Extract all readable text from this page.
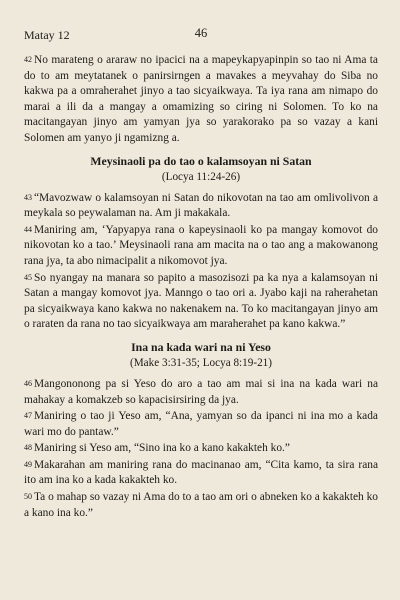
Matay 12	46

42 No marateng o araraw no ipacici na a mapeykapyapinpin so tao ni Ama ta do to am meytatanek o panirsirngen a mavakes a meyvahay do Siba no kakwa pa a omraherahet jinyo a tao sicyaikwaya. Ta iya rana am nimapo do marai a ili da a mangay a omamizing so ciring ni Solomen. To ko na macitangayan jinyo am yamyan jya so yarakorako pa so vazay a kani Solomen am yanyo ji ngamizng a.

Meysinaoli pa do tao o kalamsoyan ni Satan
(Locya 11:24-26)

43 “Mavozwaw o kalamsoyan ni Satan do nikovotan na tao am omlivolivon a meykala so peywalaman na. Am ji makakala.

44 Maniring am, ‘Yapyapya rana o kapeysinaoli ko pa mangay komovot do nikovotan ko a tao.’ Meysinaoli rana am macita na o tao ang a makowanong rana jya, ta abo nimacipalit a nikomovot jya.

45 So nyangay na manara so papito a masozisozi pa ka nya a kalamsoyan ni Satan a mangay komovot jya. Manngo o tao ori a. Jyabo kaji na raherahetan pa sicyaikwaya kano kakwa no nakenakem na. To ko macitangayan jinyo am o raraten da rana no tao sicyaikwaya am maraherahet pa kano kakwa.”

Ina na kada wari na ni Yeso
(Make 3:31-35; Locya 8:19-21)

46 Mangononong pa si Yeso do aro a tao am mai si ina na kada wari na mahakay a komakzeb so kapacisirsiring da jya.

47 Maniring o tao ji Yeso am, “Ana, yamyan so da ipanci ni ina mo a kada wari mo do pantaw.”

48 Maniring si Yeso am, “Sino ina ko a kano kakakteh ko.”

49 Makarahan am maniring rana do macinanao am, “Cita kamo, ta sira rana ito am ina ko a kada kakakteh ko.

50 Ta o mahap so vazay ni Ama do to a tao am ori o abneken ko a kakakteh ko a kano ina ko.”
